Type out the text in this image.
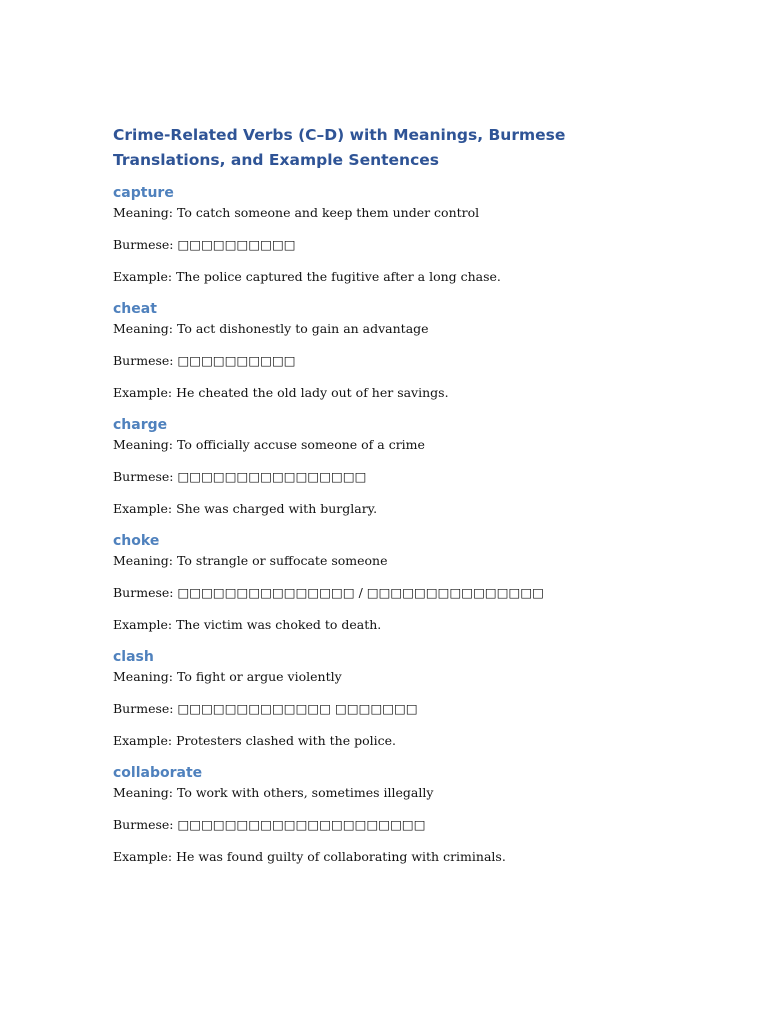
Crime-Related Verbs (C–D) with Meanings, Burmese Translations, and Example Sentences
capture

Meaning: To catch someone and keep them under control

Burmese: □□□□□□□□□□

Example: The police captured the fugitive after a long chase.

cheat

Meaning: To act dishonestly to gain an advantage

Burmese: □□□□□□□□□□

Example: He cheated the old lady out of her savings.

charge

Meaning: To officially accuse someone of a crime

Burmese: □□□□□□□□□□□□□□□□

Example: She was charged with burglary.

choke

Meaning: To strangle or suffocate someone

Burmese: □□□□□□□□□□□□□□□ / □□□□□□□□□□□□□□□

Example: The victim was choked to death.

clash

Meaning: To fight or argue violently

Burmese: □□□□□□□□□□□□□ □□□□□□□

Example: Protesters clashed with the police.

collaborate

Meaning: To work with others, sometimes illegally

Burmese: □□□□□□□□□□□□□□□□□□□□□

Example: He was found guilty of collaborating with criminals.
